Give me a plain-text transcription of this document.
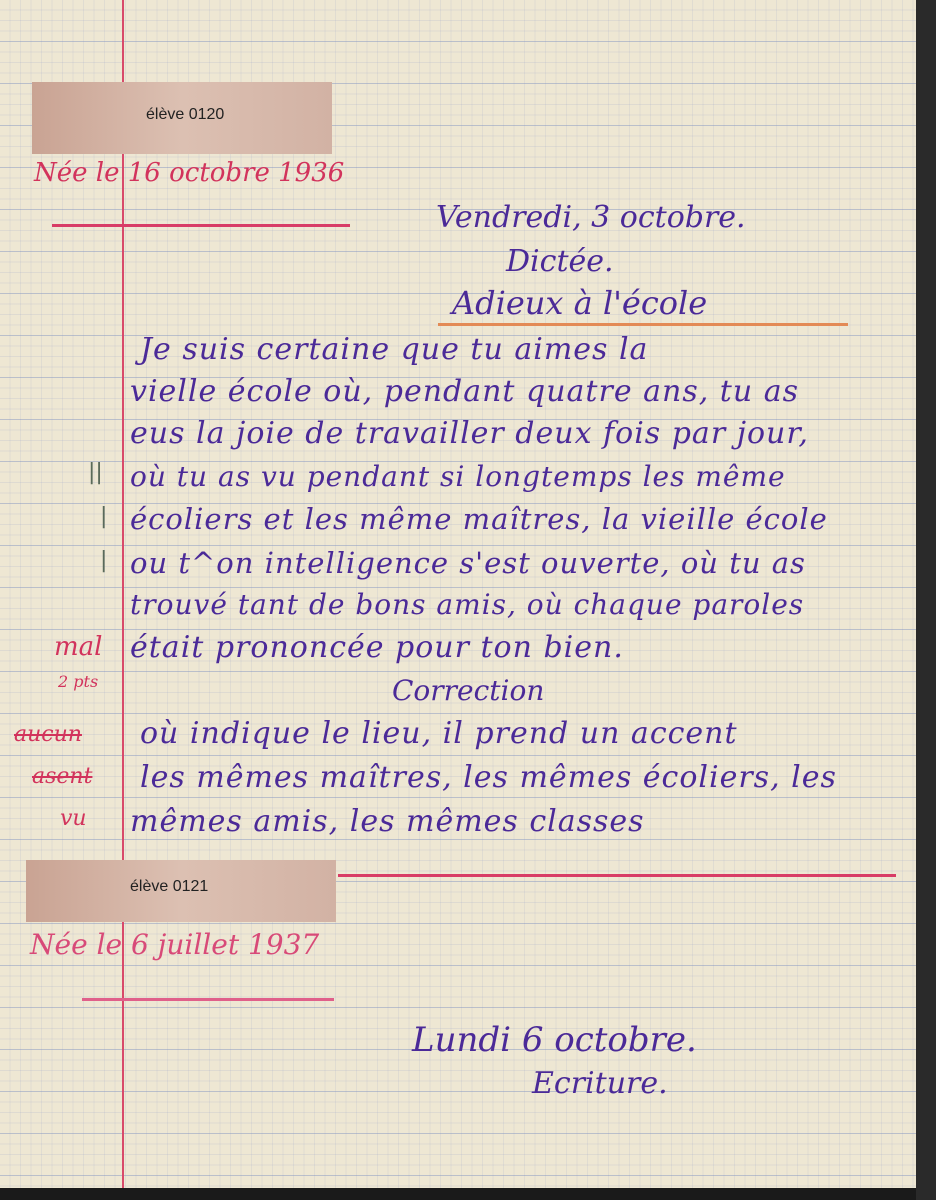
élève 0120
Née le 16 octobre 1936
Vendredi, 3 octobre.
Dictée.
Adieux à l'école
Je suis certaine que tu aimes la
vielle école où, pendant quatre ans, tu as
eus la joie de travailler deux fois par jour,
où tu as vu pendant si longtemps les même
écoliers et les même maîtres, la vieille école
ou t^on intelligence s'est ouverte, où tu as
trouvé tant de bons amis, où chaque paroles
était prononcée pour ton bien.
||
|
|
mal
2 pts	Correction
où indique le lieu, il prend un accent
les mêmes maîtres, les mêmes écoliers, les
mêmes amis, les mêmes classes
aucun
asent
vu
élève 0121
Née le 6 juillet 1937
Lundi 6 octobre.
Ecriture.
